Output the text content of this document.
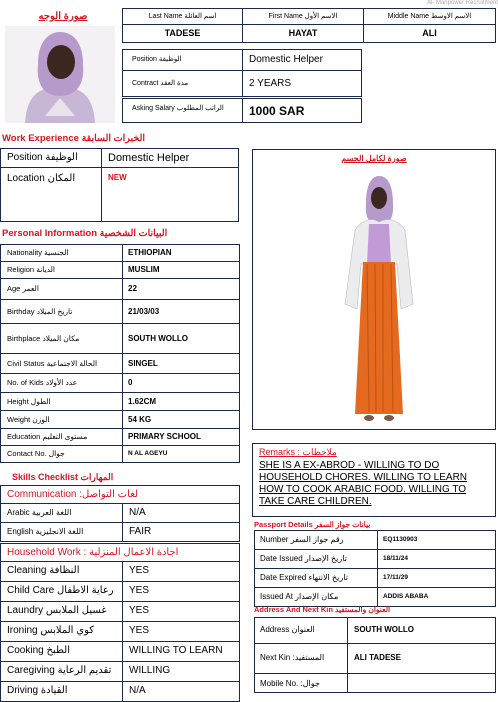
Al- Manpower Recruitment
صورة الوجه	Last Name اسم العائلة	First Name الاسم الأول	Middle Name الاسم الاوسط
TADESE	HAYAT	ALI
Position الوظيفة	Domestic Helper
Contract مدة العقد	2 YEARS
Asking Salary الراتب المطلوب	1000 SAR
Work Experience الخبرات السابقة
Position الوظيفة	Domestic Helper
Location المكان	NEW
صورة لكامل الجسم
Personal Information البيانات الشخصية
Nationality الجنسية	ETHIOPIAN
Religion الديانة	MUSLIM
Age العمر	22
Birthday تاريخ الميلاد	21/03/03
Birthplace مكان الميلاد	SOUTH WOLLO
Civil Status الحالة الاجتماعية	SINGEL
No. of Kids عدد الأولاد	0
Height الطول	1.62CM
Weight الوزن	54 KG
Education مستوى التعليم	PRIMARY SCHOOL
Contact No. جوال	N AL AGEYU	Remarks : ملاحظات
SHE IS A EX-ABROD - WILLING TO DO
HOUSEHOLD CHORES. WILLING TO LEARN
HOW TO COOK ARABIC FOOD. WILLING TO
TAKE CARE CHILDREN.
Skills Checklist المهارات
Communication :لغات التواصل
Arabic اللغة العربية	N/A
English اللغة الانجليزية	FAIR
Household Work : اجادة الاعمال المنزلية
Cleaning النظافة	YES
Child Care رعاية الاطفال	YES
Laundry غسيل الملابس	YES
Ironing كوي الملابس	YES
Cooking الطبخ	WILLING TO LEARN
Caregiving تقديم الرعاية	WILLING
Driving القيادة	N/A
Passport Details بيانات جواز السفر
Number رقم جواز السفر	EQ1130903
Date Issued تاريخ الإصدار	18/11/24
Date Expired تاريخ الانتهاء	17/11/29
Issued At مكان الإصدار	ADDIS ABABA
Address And Next Kin العنوان والمستفيد
Address العنوان	SOUTH WOLLO
Next Kin :المستفيد	ALI TADESE
Mobile No. :جوال
